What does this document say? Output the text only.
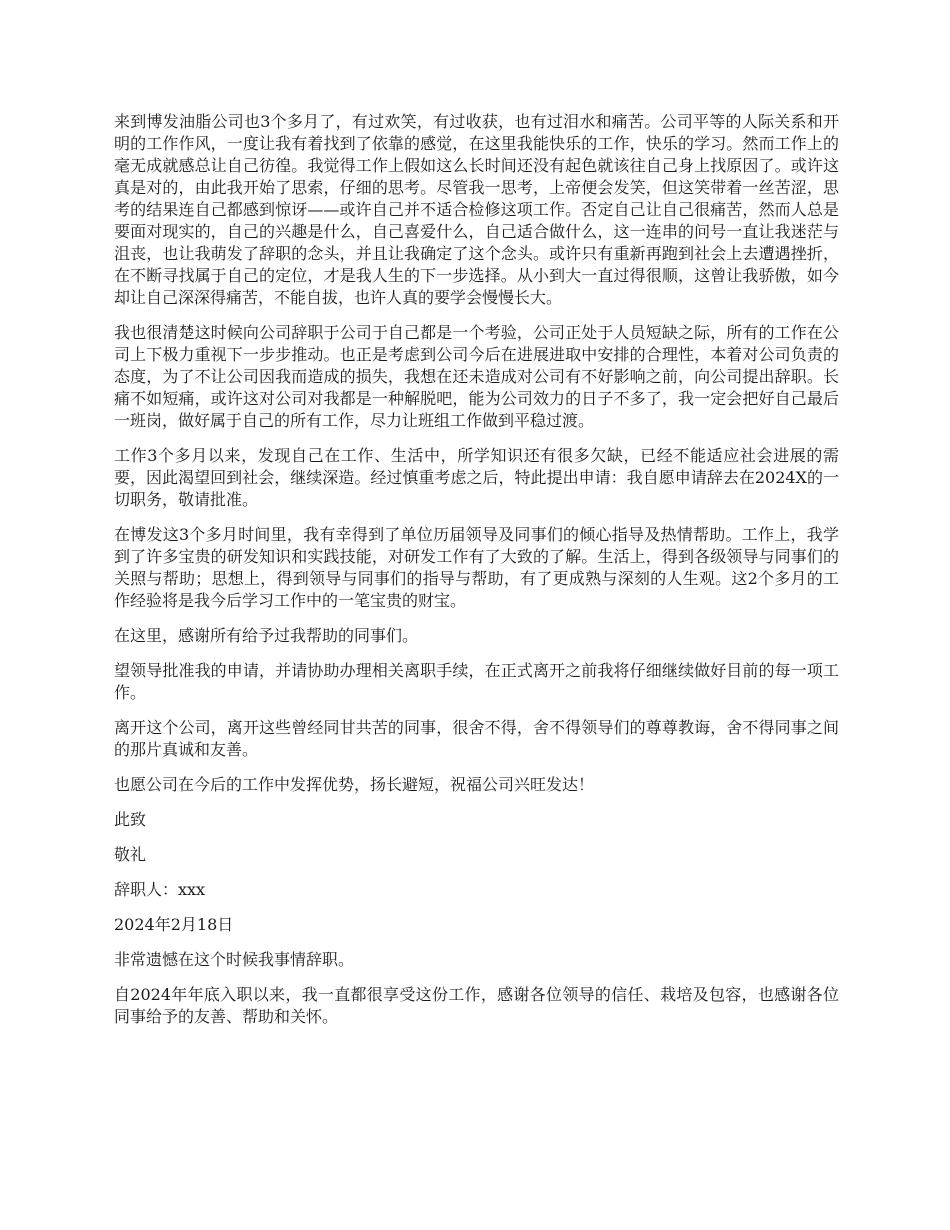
来到博发油脂公司也3个多月了，有过欢笑，有过收获，也有过泪水和痛苦。公司平等的人际关系和开明的工作作风，一度让我有着找到了依靠的感觉，在这里我能快乐的工作，快乐的学习。然而工作上的毫无成就感总让自己彷徨。我觉得工作上假如这么长时间还没有起色就该往自己身上找原因了。或许这真是对的，由此我开始了思索，仔细的思考。尽管我一思考，上帝便会发笑，但这笑带着一丝苦涩，思考的结果连自己都感到惊讶——或许自己并不适合检修这项工作。否定自己让自己很痛苦，然而人总是要面对现实的，自己的兴趣是什么，自己喜爱什么，自己适合做什么，这一连串的问号一直让我迷茫与沮丧，也让我萌发了辞职的念头，并且让我确定了这个念头。或许只有重新再跑到社会上去遭遇挫折，在不断寻找属于自己的定位，才是我人生的下一步选择。从小到大一直过得很顺，这曾让我骄傲，如今却让自己深深得痛苦，不能自拔，也许人真的要学会慢慢长大。

我也很清楚这时候向公司辞职于公司于自己都是一个考验，公司正处于人员短缺之际，所有的工作在公司上下极力重视下一步步推动。也正是考虑到公司今后在进展进取中安排的合理性，本着对公司负责的态度，为了不让公司因我而造成的损失，我想在还未造成对公司有不好影响之前，向公司提出辞职。长痛不如短痛，或许这对公司对我都是一种解脱吧，能为公司效力的日子不多了，我一定会把好自己最后一班岗，做好属于自己的所有工作，尽力让班组工作做到平稳过渡。

工作3个多月以来，发现自己在工作、生活中，所学知识还有很多欠缺，已经不能适应社会进展的需要，因此渴望回到社会，继续深造。经过慎重考虑之后，特此提出申请：我自愿申请辞去在2024X的一切职务，敬请批准。

在博发这3个多月时间里，我有幸得到了单位历届领导及同事们的倾心指导及热情帮助。工作上，我学到了许多宝贵的研发知识和实践技能，对研发工作有了大致的了解。生活上，得到各级领导与同事们的关照与帮助；思想上，得到领导与同事们的指导与帮助，有了更成熟与深刻的人生观。这2个多月的工作经验将是我今后学习工作中的一笔宝贵的财宝。

在这里，感谢所有给予过我帮助的同事们。

望领导批准我的申请，并请协助办理相关离职手续，在正式离开之前我将仔细继续做好目前的每一项工作。

离开这个公司，离开这些曾经同甘共苦的同事，很舍不得，舍不得领导们的尊尊教诲，舍不得同事之间的那片真诚和友善。

也愿公司在今后的工作中发挥优势，扬长避短，祝福公司兴旺发达！

此致

敬礼

辞职人：xxx

2024年2月18日

非常遗憾在这个时候我事情辞职。

自2024年年底入职以来，我一直都很享受这份工作，感谢各位领导的信任、栽培及包容，也感谢各位同事给予的友善、帮助和关怀。
